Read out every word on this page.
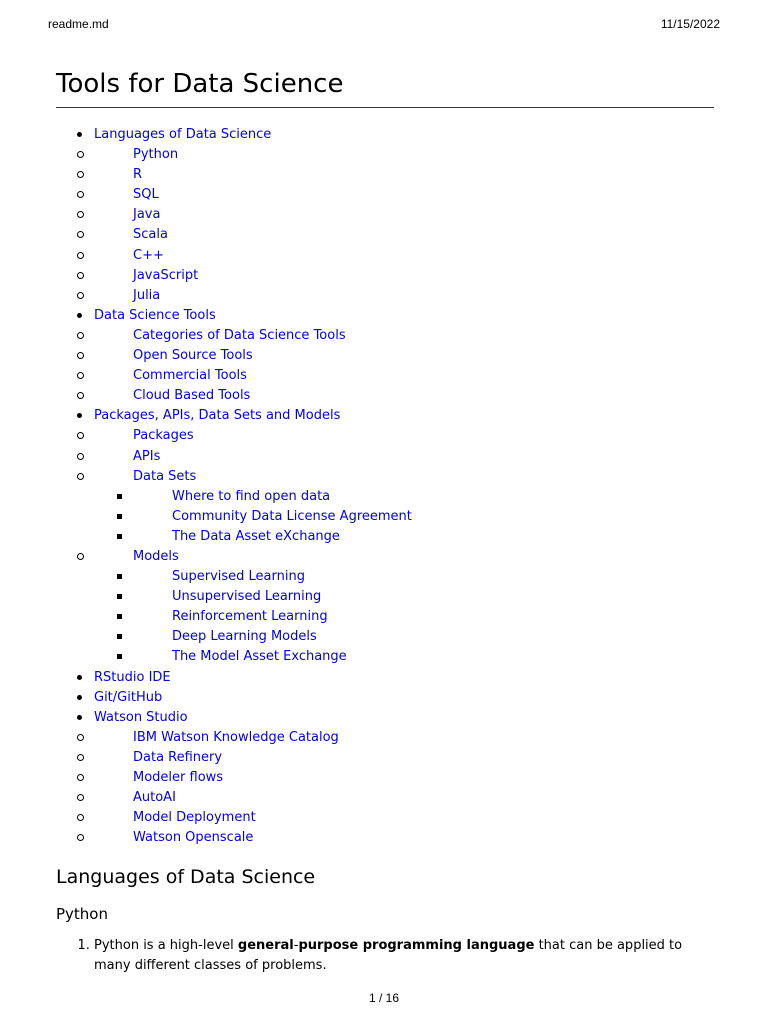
readme.md	11/15/2022
Tools for Data Science
Languages of Data Science
Python
R
SQL
Java
Scala
C++
JavaScript
Julia
Data Science Tools
Categories of Data Science Tools
Open Source Tools
Commercial Tools
Cloud Based Tools
Packages, APIs, Data Sets and Models
Packages
APIs
Data Sets
Where to find open data
Community Data License Agreement
The Data Asset eXchange
Models
Supervised Learning
Unsupervised Learning
Reinforcement Learning
Deep Learning Models
The Model Asset Exchange
RStudio IDE
Git/GitHub
Watson Studio
IBM Watson Knowledge Catalog
Data Refinery
Modeler flows
AutoAI
Model Deployment
Watson Openscale
Languages of Data Science
Python
1. Python is a high-level general-purpose programming language that can be applied to many different classes of problems.
1 / 16
